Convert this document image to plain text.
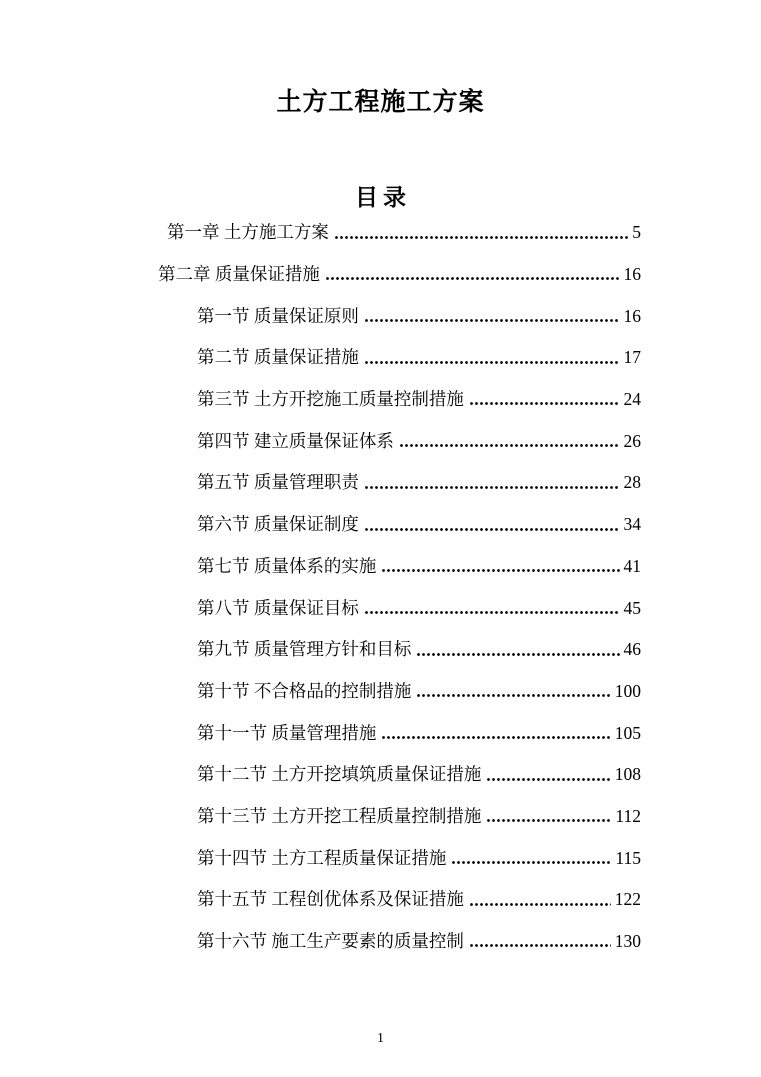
土方工程施工方案
目录
第一章 土方施工方案	5
第二章 质量保证措施	16
第一节 质量保证原则	16
第二节 质量保证措施	17
第三节 土方开挖施工质量控制措施	24
第四节 建立质量保证体系	26
第五节 质量管理职责	28
第六节 质量保证制度	34
第七节 质量体系的实施	41
第八节 质量保证目标	45
第九节 质量管理方针和目标	46
第十节 不合格品的控制措施	100
第十一节 质量管理措施	105
第十二节 土方开挖填筑质量保证措施	108
第十三节 土方开挖工程质量控制措施	112
第十四节 土方工程质量保证措施	115
第十五节 工程创优体系及保证措施	122
第十六节 施工生产要素的质量控制	130
1
